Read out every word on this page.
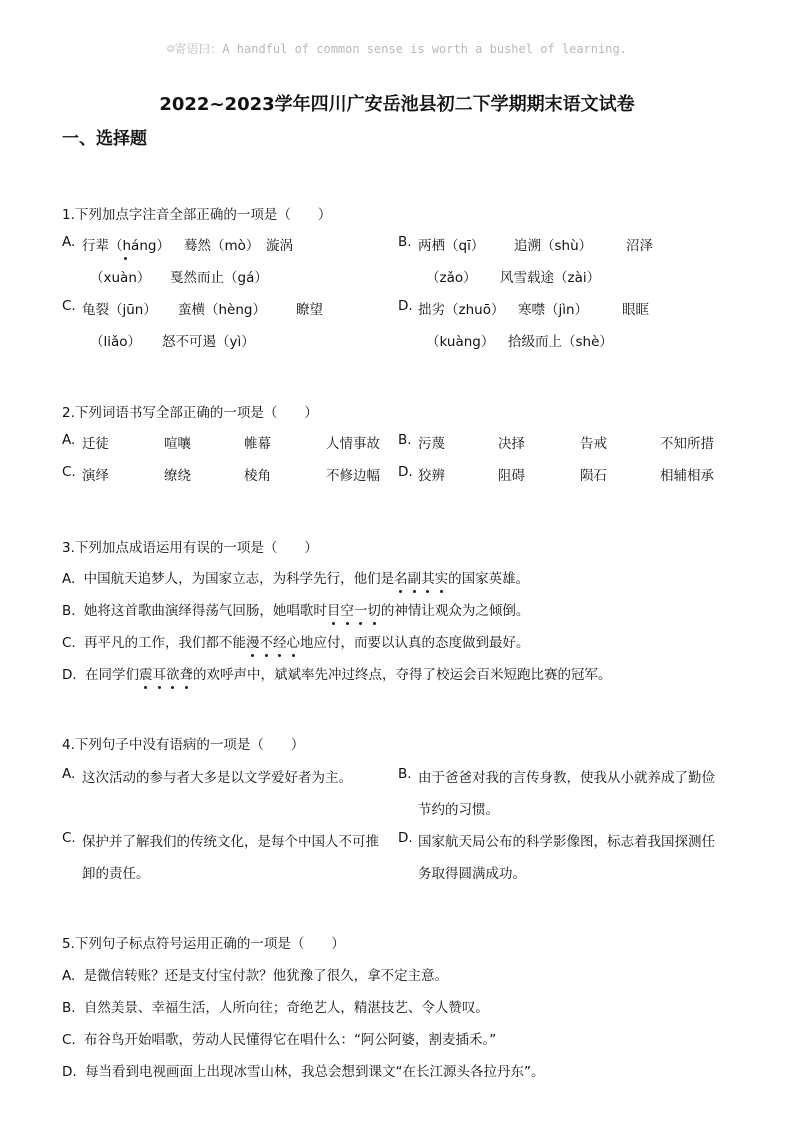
☺寄语曰：A handful of common sense is worth a bushel of learning.
2022~2023学年四川广安岳池县初二下学期期末语文试卷
一、选择题
1.下列加点字注音全部正确的一项是（　　）
A. 行辈（háng） 蓦然（mò） 漩涡
（xuàn） 戛然而止（gá）
B. 两栖（qī） 追溯（shù）	沼泽
（zǎo） 风雪载途（zài）
C. 龟裂（jūn） 蛮横（hèng） 瞭望
（liǎo） 怒不可遏（yì）
D. 拙劣（zhuō） 寒噤（jìn）	眼眶
（kuàng） 拾级而上（shè）
2.下列词语书写全部正确的一项是（　　）
A. 迁徒	喧嚷	帷幕	人情事故 B. 污蔑	决择	告戒	不知所措
C. 演绎	缭绕	棱角	不修边幅 D. 狡辨	阻碍	陨石	相辅相承
3.下列加点成语运用有误的一项是（　　）
A. 中国航天追梦人，为国家立志，为科学先行，他们是名副其实的国家英雄。
B. 她将这首歌曲演绎得荡气回肠，她唱歌时目空一切的神情让观众为之倾倒。
C. 再平凡的工作，我们都不能漫不经心地应付，而要以认真的态度做到最好。
D. 在同学们震耳欲聋的欢呼声中，斌斌率先冲过终点，夺得了校运会百米短跑比赛的冠军。
4.下列句子中没有语病的一项是（　　）
A. 这次活动的参与者大多是以文学爱好者为主。	B. 由于爸爸对我的言传身教，使我从小就养成了勤俭
节约的习惯。
C. 保护并了解我们的传统文化，是每个中国人不可推
卸的责任。
D. 国家航天局公布的科学影像图，标志着我国探测任
务取得圆满成功。
5.下列句子标点符号运用正确的一项是（　　）
A. 是微信转账？还是支付宝付款？他犹豫了很久，拿不定主意。
B. 自然美景、幸福生活，人所向往；奇绝艺人，精湛技艺、令人赞叹。
C. 布谷鸟开始唱歌，劳动人民懂得它在唱什么：“阿公阿婆，割麦插禾。”
D. 每当看到电视画面上出现冰雪山林，我总会想到课文“在长江源头各拉丹东”。
